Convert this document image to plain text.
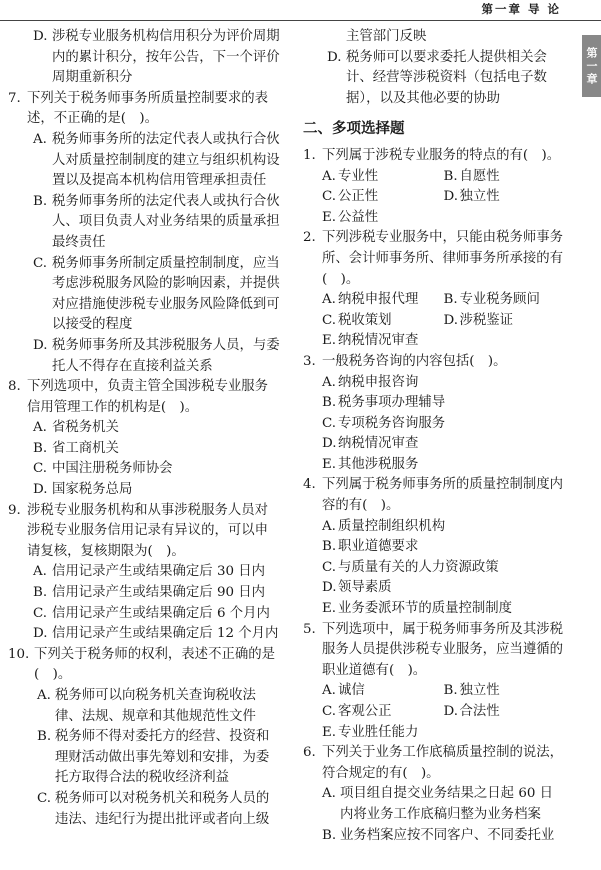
第一章 导 论
第一章
D. 涉税专业服务机构信用积分为评价周期内的累计积分，按年公告，下一个评价周期重新积分
7. 下列关于税务师事务所质量控制要求的表述，不正确的是(　)。
A. 税务师事务所的法定代表人或执行合伙人对质量控制制度的建立与组织机构设置以及提高本机构信用管理承担责任
B. 税务师事务所的法定代表人或执行合伙人、项目负责人对业务结果的质量承担最终责任
C. 税务师事务所制定质量控制制度，应当考虑涉税服务风险的影响因素，并提供对应措施使涉税专业服务风险降低到可以接受的程度
D. 税务师事务所及其涉税服务人员，与委托人不得存在直接利益关系
8. 下列选项中，负责主管全国涉税专业服务信用管理工作的机构是(　)。
A. 省税务机关
B. 省工商机关
C. 中国注册税务师协会
D. 国家税务总局
9. 涉税专业服务机构和从事涉税服务人员对涉税专业服务信用记录有异议的，可以申请复核，复核期限为(　)。
A. 信用记录产生或结果确定后 30 日内
B. 信用记录产生或结果确定后 90 日内
C. 信用记录产生或结果确定后 6 个月内
D. 信用记录产生或结果确定后 12 个月内
10. 下列关于税务师的权利，表述不正确的是(　)。
A. 税务师可以向税务机关查询税收法律、法规、规章和其他规范性文件
B. 税务师不得对委托方的经营、投资和理财活动做出事先筹划和安排，为委托方取得合法的税收经济利益
C. 税务师可以对税务机关和税务人员的违法、违纪行为提出批评或者向上级
主管部门反映
D. 税务师可以要求委托人提供相关会计、经营等涉税资料（包括电子数据），以及其他必要的协助
二、多项选择题
1. 下列属于涉税专业服务的特点的有(　)。
A. 专业性	B. 自愿性
C. 公正性	D.独立性
E. 公益性
2. 下列涉税专业服务中，只能由税务师事务所、会计师事务所、律师事务所承接的有(　)。
A. 纳税申报代理	B. 专业税务顾问
C. 税收策划	D.涉税鉴证
E. 纳税情况审查
3. 一般税务咨询的内容包括(　)。
A. 纳税申报咨询
B. 税务事项办理辅导
C. 专项税务咨询服务
D.纳税情况审查
E. 其他涉税服务
4. 下列属于税务师事务所的质量控制制度内容的有(　)。
A. 质量控制组织机构
B. 职业道德要求
C. 与质量有关的人力资源政策
D.领导素质
E. 业务委派环节的质量控制制度
5. 下列选项中，属于税务师事务所及其涉税服务人员提供涉税专业服务，应当遵循的职业道德有(　)。
A. 诚信	B. 独立性
C. 客观公正	D.合法性
E. 专业胜任能力
6. 下列关于业务工作底稿质量控制的说法，符合规定的有(　)。
A. 项目组自提交业务结果之日起 60 日内将业务工作底稿归整为业务档案
B. 业务档案应按不同客户、不同委托业
